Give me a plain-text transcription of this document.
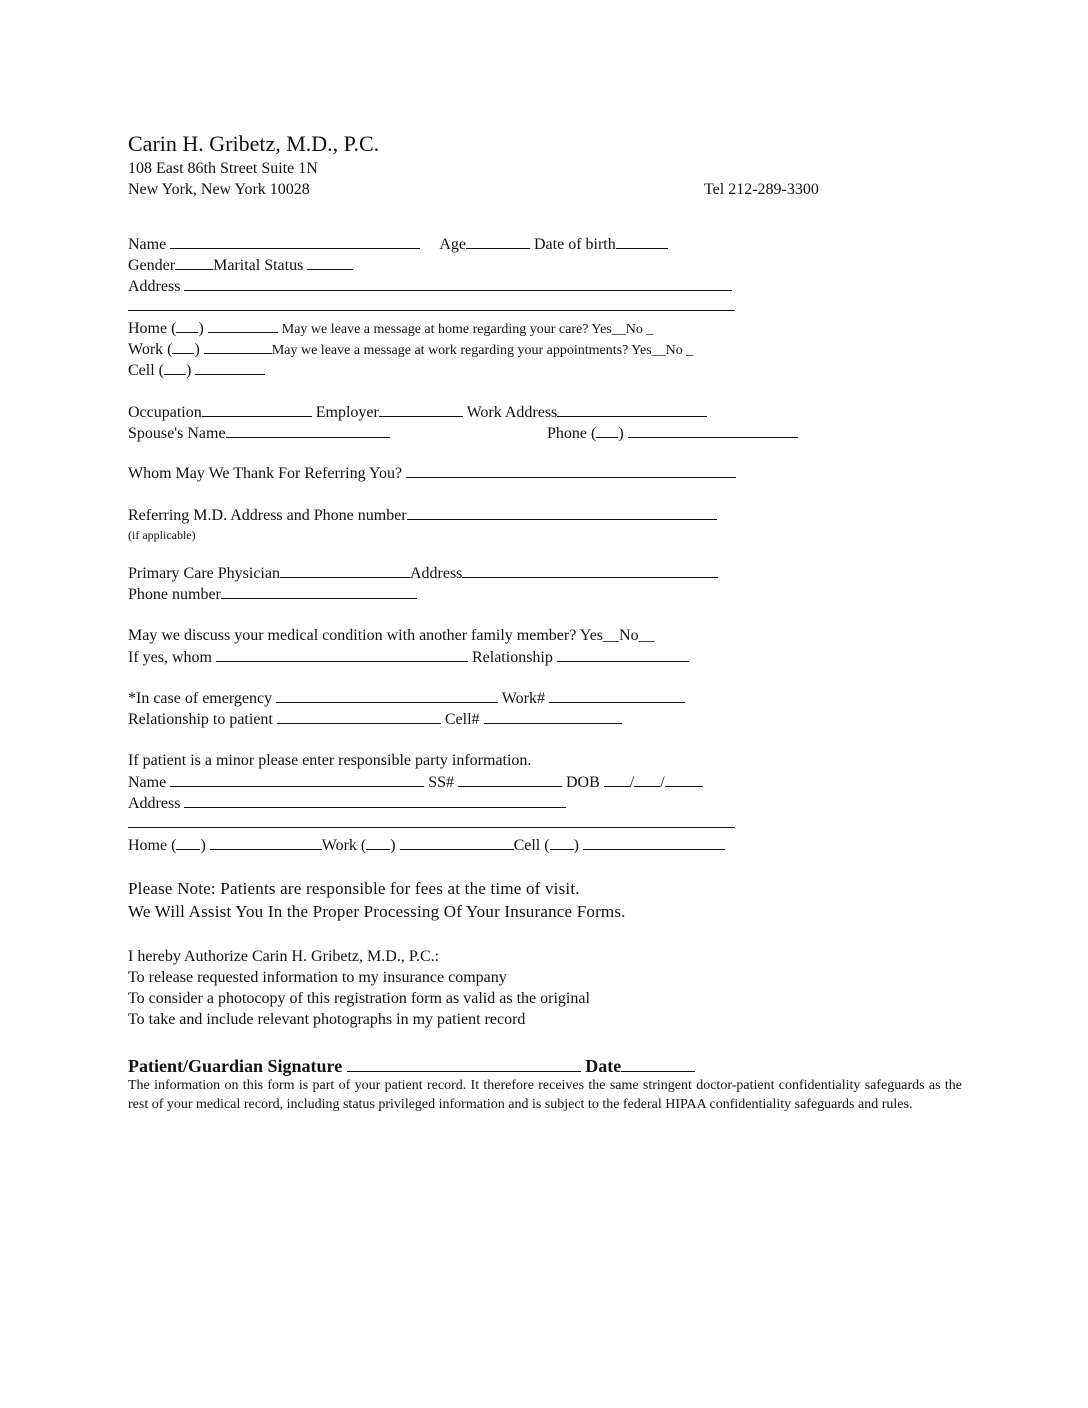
Carin H. Gribetz, M.D., P.C.
108 East 86th Street Suite 1N
New York, New York 10028	Tel 212-289-3300
Name	Age	Date of birth
Gender Marital Status
Address
Home ( )	May we leave a message at home regarding your care? Yes__No _
Work ( )	May we leave a message at work regarding your appointments? Yes__No _
Cell ( )
Occupation	Employer	Work Address
Spouse's Name	Phone ( )
Whom May We Thank For Referring You?
Referring M.D. Address and Phone number
(if applicable)
Primary Care Physician	Address
Phone number
May we discuss your medical condition with another family member? Yes__No__
If yes, whom	Relationship
*In case of emergency	Work#
Relationship to patient	Cell#
If patient is a minor please enter responsible party information.
Name	SS#	DOB / /
Address
Home ( )	Work ( )	Cell ( )
Please Note: Patients are responsible for fees at the time of visit.
We Will Assist You In the Proper Processing Of Your Insurance Forms.
I hereby Authorize Carin H. Gribetz, M.D., P.C.:
To release requested information to my insurance company
To consider a photocopy of this registration form as valid as the original
To take and include relevant photographs in my patient record
Patient/Guardian Signature	Date
The information on this form is part of your patient record. It therefore receives the same stringent doctor-patient confidentiality safeguards as the rest of your medical record, including status privileged information and is subject to the federal HIPAA confidentiality safeguards and rules.
